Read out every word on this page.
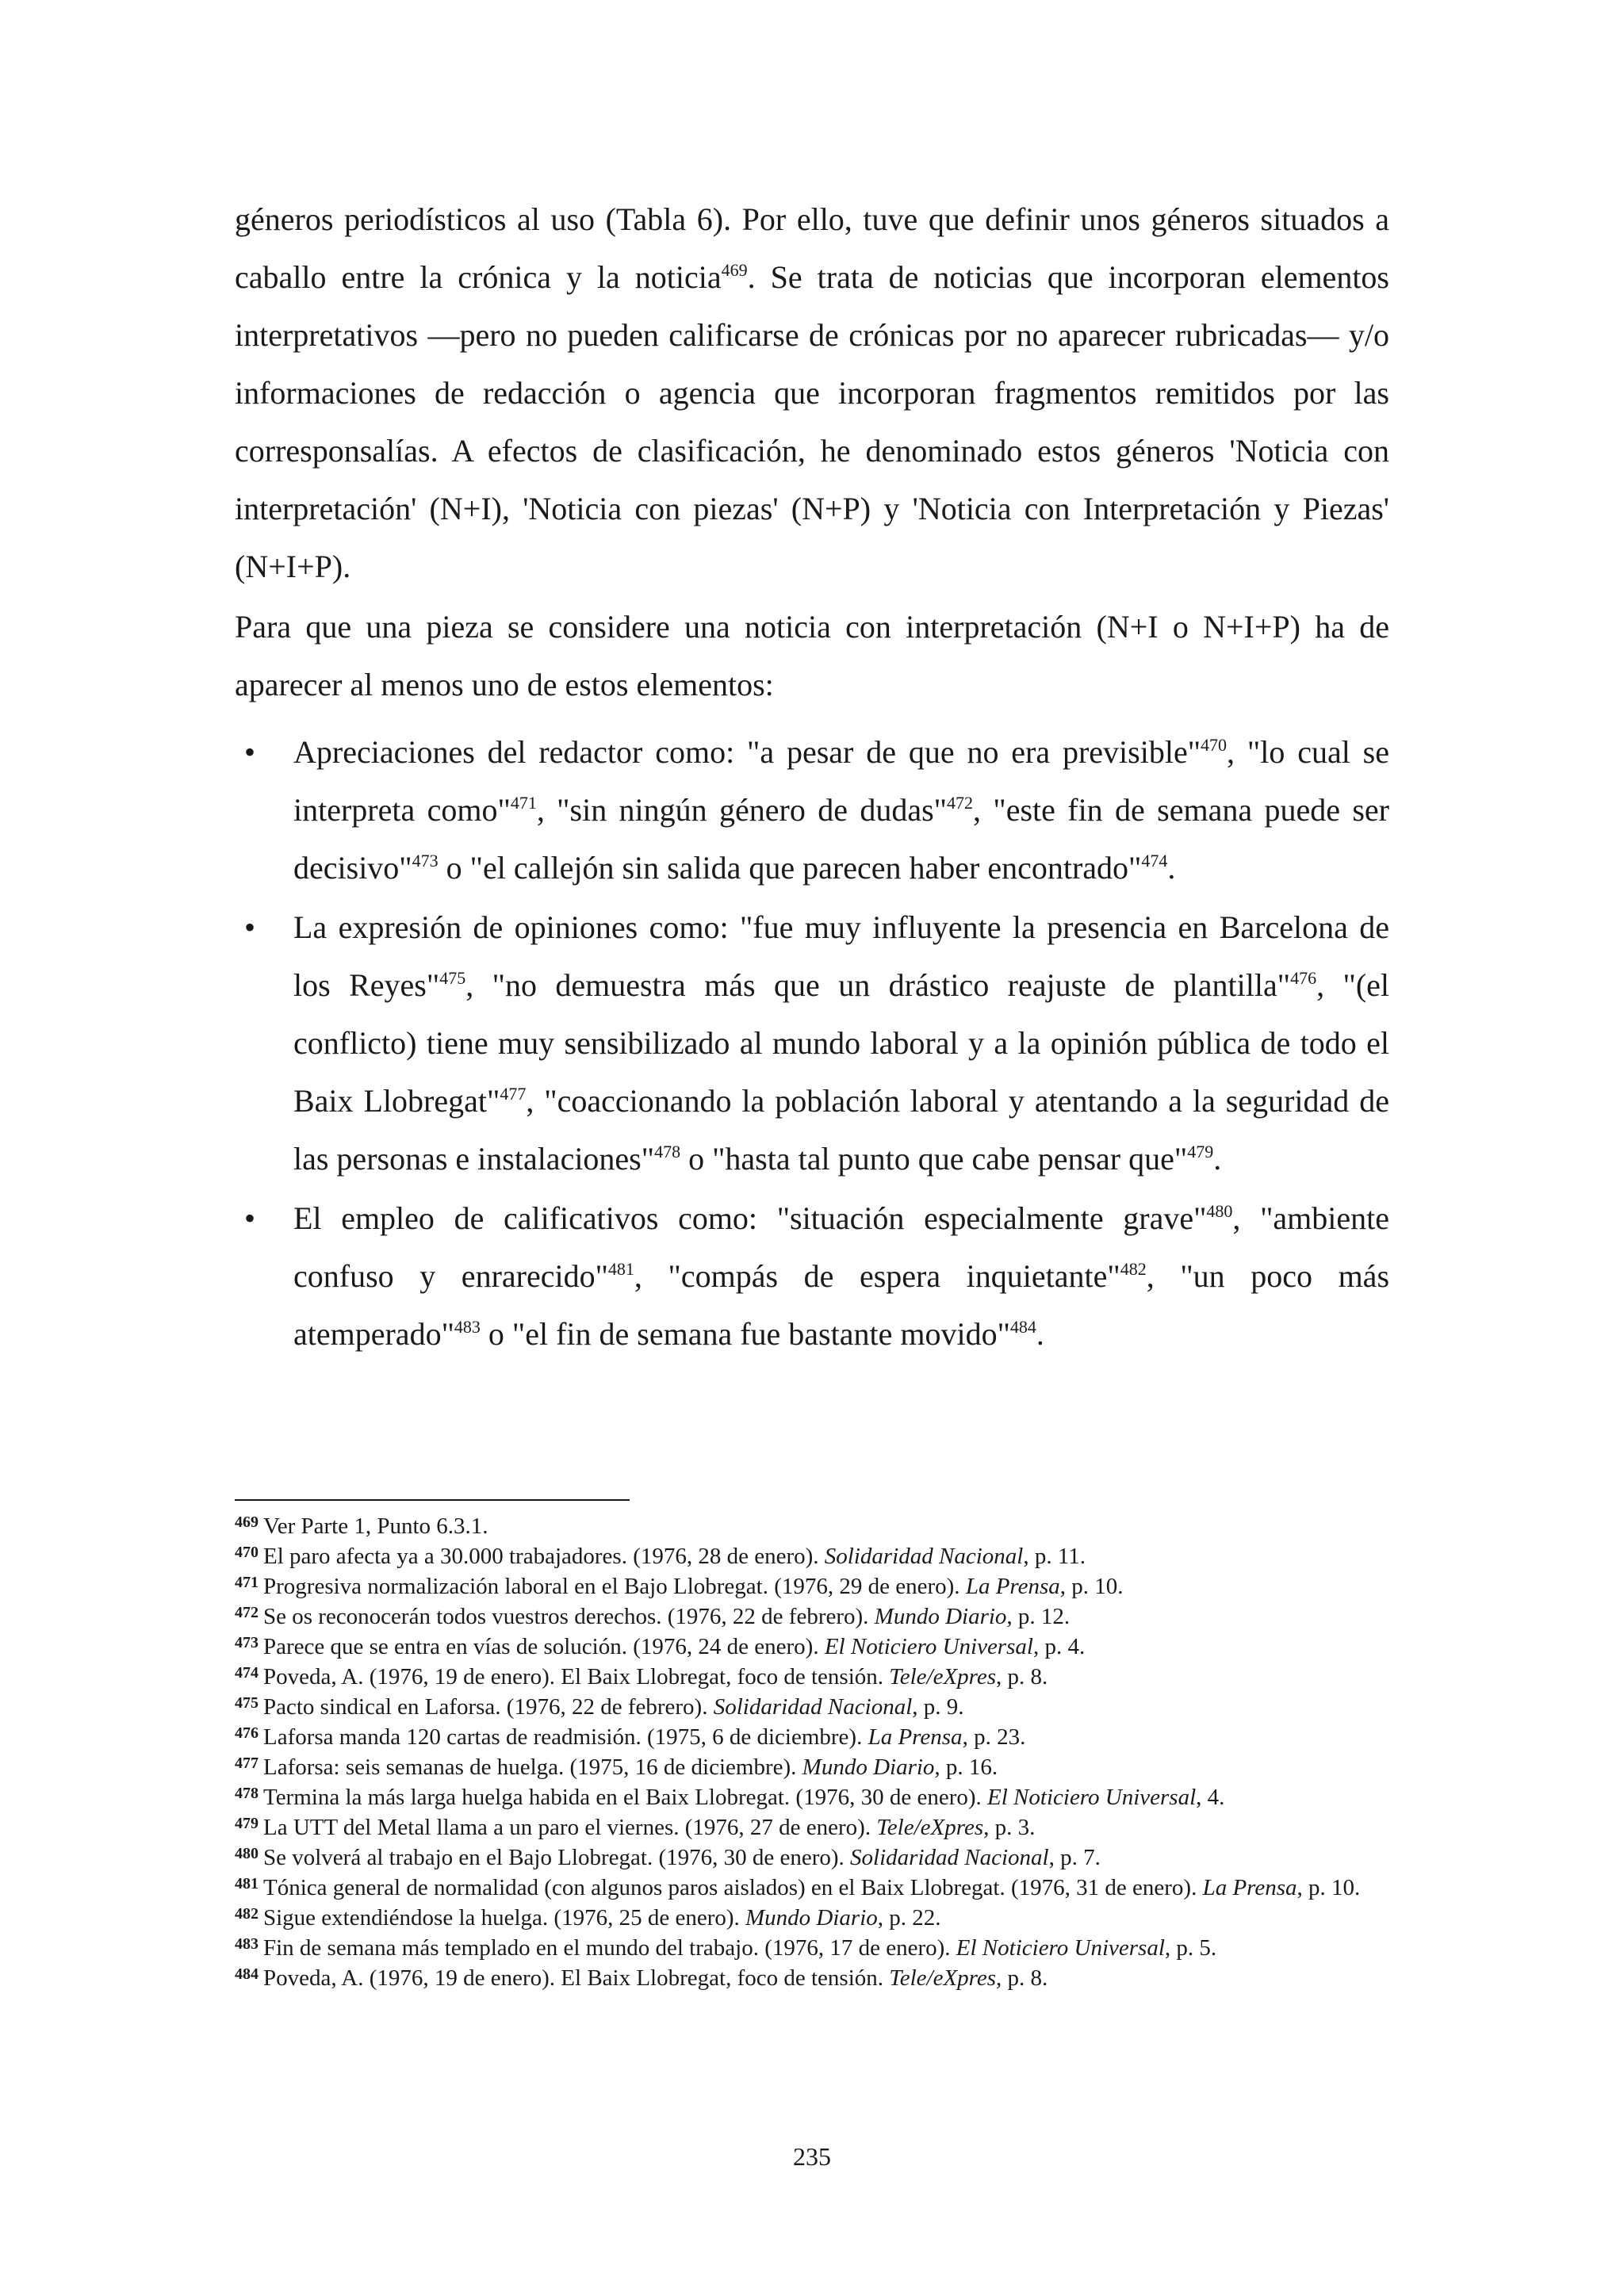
géneros periodísticos al uso (Tabla 6). Por ello, tuve que definir unos géneros situados a caballo entre la crónica y la noticia$^{469}$. Se trata de noticias que incorporan elementos interpretativos —pero no pueden calificarse de crónicas por no aparecer rubricadas— y/o informaciones de redacción o agencia que incorporan fragmentos remitidos por las corresponsalías. A efectos de clasificación, he denominado estos géneros 'Noticia con interpretación' (N+I), 'Noticia con piezas' (N+P) y 'Noticia con Interpretación y Piezas' (N+I+P).

Para que una pieza se considere una noticia con interpretación (N+I o N+I+P) ha de aparecer al menos uno de estos elementos:

• Apreciaciones del redactor como: "a pesar de que no era previsible"$^{470}$, "lo cual se interpreta como"$^{471}$, "sin ningún género de dudas"$^{472}$, "este fin de semana puede ser decisivo"$^{473}$ o "el callejón sin salida que parecen haber encontrado"$^{474}$.
• La expresión de opiniones como: "fue muy influyente la presencia en Barcelona de los Reyes"$^{475}$, "no demuestra más que un drástico reajuste de plantilla"$^{476}$, "(el conflicto) tiene muy sensibilizado al mundo laboral y a la opinión pública de todo el Baix Llobregat"$^{477}$, "coaccionando la población laboral y atentando a la seguridad de las personas e instalaciones"$^{478}$ o "hasta tal punto que cabe pensar que"$^{479}$.
• El empleo de calificativos como: "situación especialmente grave"$^{480}$, "ambiente confuso y enrarecido"$^{481}$, "compás de espera inquietante"$^{482}$, "un poco más atemperado"$^{483}$ o "el fin de semana fue bastante movido"$^{484}$.

$^{469}$ Ver Parte 1, Punto 6.3.1.

$^{470}$ El paro afecta ya a 30.000 trabajadores. (1976, 28 de enero). Solidaridad Nacional, p. 11.

$^{471}$ Progresiva normalización laboral en el Bajo Llobregat. (1976, 29 de enero). La Prensa, p. 10.

$^{472}$ Se os reconocerán todos vuestros derechos. (1976, 22 de febrero). Mundo Diario, p. 12.

$^{473}$ Parece que se entra en vías de solución. (1976, 24 de enero). El Noticiero Universal, p. 4.

$^{474}$ Poveda, A. (1976, 19 de enero). El Baix Llobregat, foco de tensión. Tele/eXpres, p. 8.

$^{475}$ Pacto sindical en Laforsa. (1976, 22 de febrero). Solidaridad Nacional, p. 9.

$^{476}$ Laforsa manda 120 cartas de readmisión. (1975, 6 de diciembre). La Prensa, p. 23.

$^{477}$ Laforsa: seis semanas de huelga. (1975, 16 de diciembre). Mundo Diario, p. 16.

$^{478}$ Termina la más larga huelga habida en el Baix Llobregat. (1976, 30 de enero). El Noticiero Universal, 4.

$^{479}$ La UTT del Metal llama a un paro el viernes. (1976, 27 de enero). Tele/eXpres, p. 3.

$^{480}$ Se volverá al trabajo en el Bajo Llobregat. (1976, 30 de enero). Solidaridad Nacional, p. 7.

$^{481}$ Tónica general de normalidad (con algunos paros aislados) en el Baix Llobregat. (1976, 31 de enero). La Prensa, p. 10.

$^{482}$ Sigue extendiéndose la huelga. (1976, 25 de enero). Mundo Diario, p. 22.

$^{483}$ Fin de semana más templado en el mundo del trabajo. (1976, 17 de enero). El Noticiero Universal, p. 5.

$^{484}$ Poveda, A. (1976, 19 de enero). El Baix Llobregat, foco de tensión. Tele/eXpres, p. 8.

235
